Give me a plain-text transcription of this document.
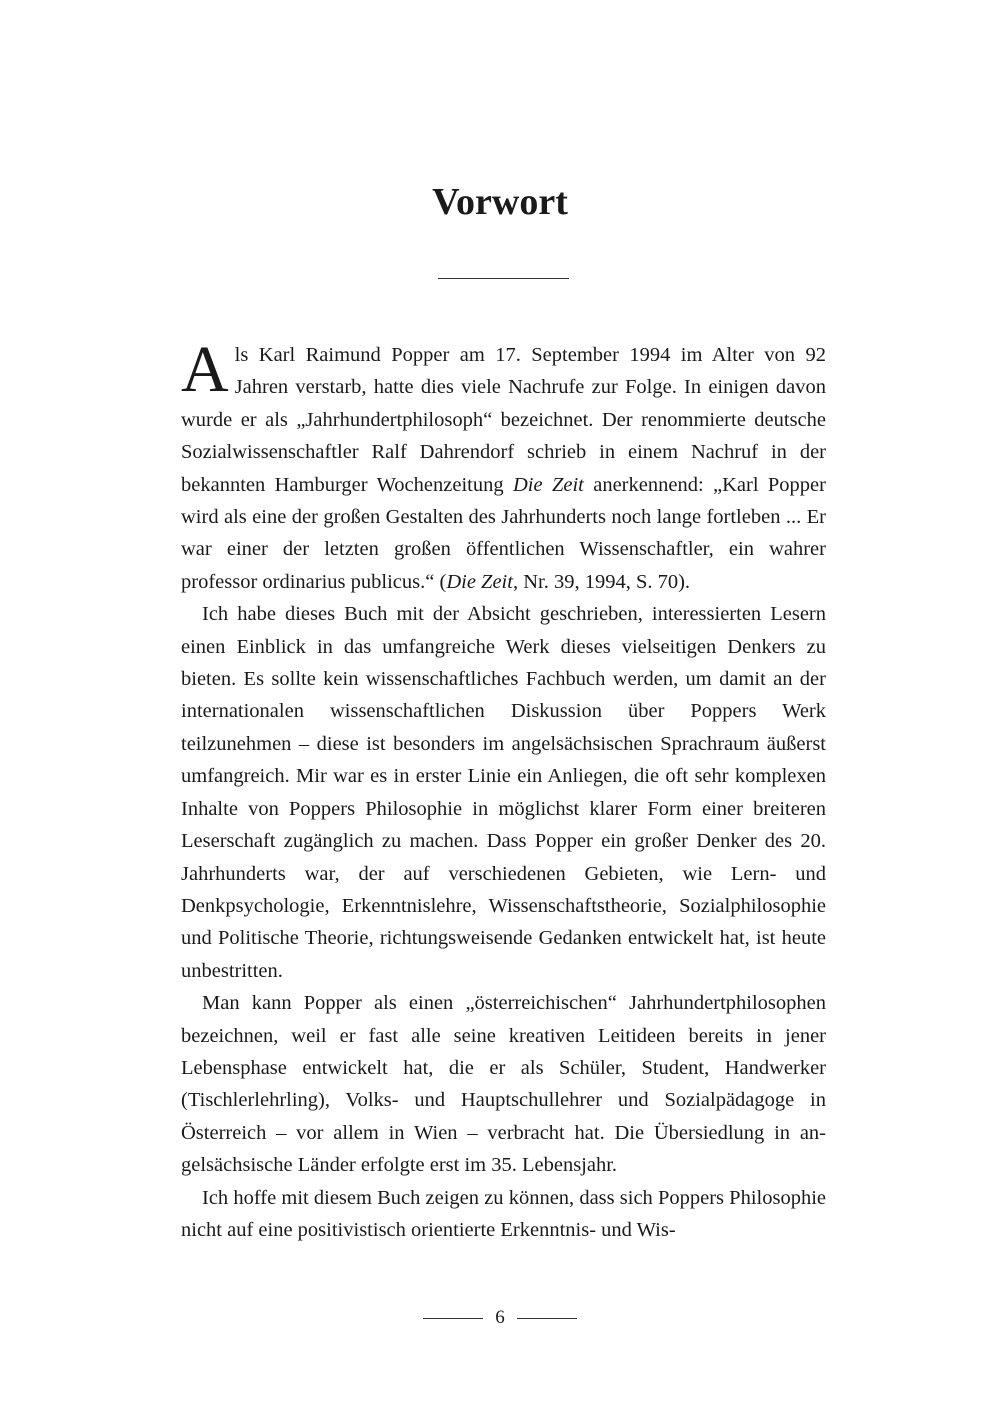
Vorwort

Als Karl Raimund Popper am 17. September 1994 im Alter von 92 Jahren verstarb, hatte dies viele Nachrufe zur Folge. In einigen davon wurde er als „Jahrhundertphilosoph“ bezeichnet. Der renommierte deutsche Sozialwissenschaftler Ralf Dahrendorf schrieb in einem Nachruf in der bekannten Hamburger Wochenzeitung Die Zeit anerkennend: „Karl Popper wird als eine der großen Gestalten des Jahrhunderts noch lange fortleben ... Er war einer der letzten großen öffentlichen Wissenschaftler, ein wahrer professor ordinarius publicus.“ (Die Zeit, Nr. 39, 1994, S. 70).

Ich habe dieses Buch mit der Absicht geschrieben, interessierten Lesern einen Einblick in das umfangreiche Werk dieses vielseitigen Denkers zu bieten. Es sollte kein wissenschaftliches Fachbuch werden, um damit an der internationalen wissenschaftlichen Diskussion über Poppers Werk teilzunehmen – diese ist besonders im angelsächsischen Sprachraum äußerst umfangreich. Mir war es in erster Linie ein Anliegen, die oft sehr komplexen Inhalte von Poppers Philosophie in möglichst klarer Form einer breiteren Leserschaft zugänglich zu machen. Dass Popper ein großer Denker des 20. Jahrhunderts war, der auf verschiedenen Gebieten, wie Lern- und Denkpsychologie, Erkenntnislehre, Wissenschaftstheorie, Sozialphilosophie und Politische Theorie, richtungsweisende Gedanken entwickelt hat, ist heute unbestritten.

Man kann Popper als einen „österreichischen“ Jahrhundertphilosophen bezeichnen, weil er fast alle seine kreativen Leitideen bereits in jener Lebensphase entwickelt hat, die er als Schüler, Student, Handwerker (Tischlerlehrling), Volks- und Hauptschullehrer und Sozialpädagoge in Österreich – vor allem in Wien – verbracht hat. Die Übersiedlung in angelsächsische Länder erfolgte erst im 35. Lebensjahr.

Ich hoffe mit diesem Buch zeigen zu können, dass sich Poppers Philosophie nicht auf eine positivistisch orientierte Erkenntnis- und Wis-

6
